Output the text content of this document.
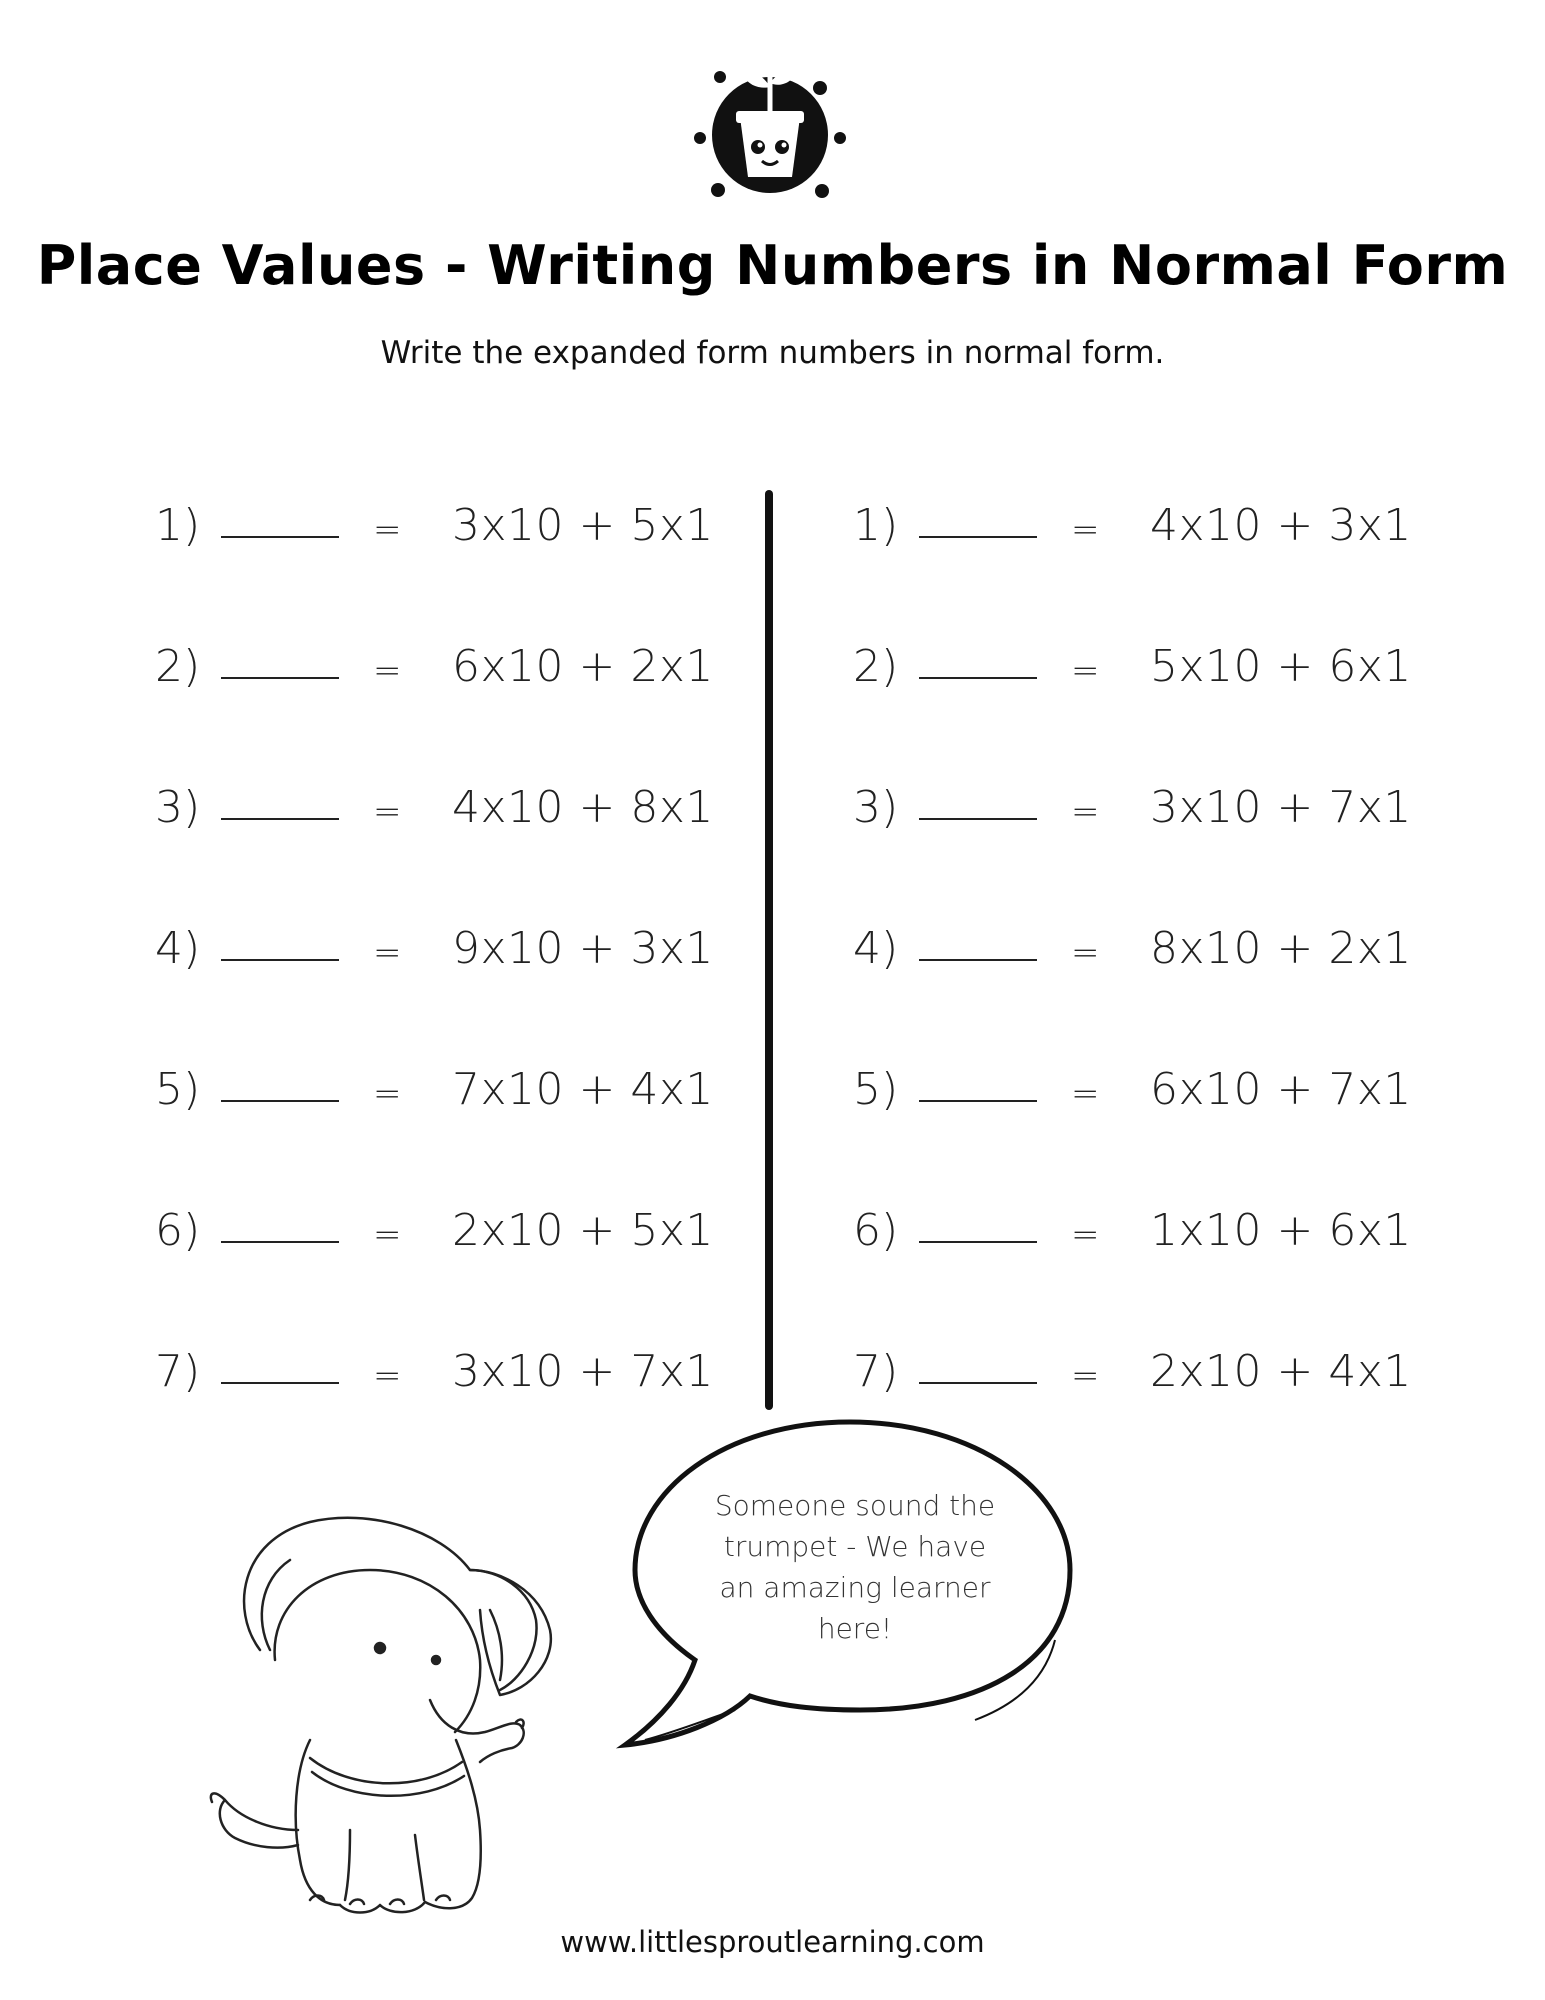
Place Values - Writing Numbers in Normal Form
Write the expanded form numbers in normal form.
1)	= 3x10 + 5x1
2)	= 6x10 + 2x1
3)	= 4x10 + 8x1
4)	= 9x10 + 3x1
5)	= 7x10 + 4x1
6)	= 2x10 + 5x1
7)	= 3x10 + 7x1
1)	= 4x10 + 3x1
2)	= 5x10 + 6x1
3)	= 3x10 + 7x1
4)	= 8x10 + 2x1
5)	= 6x10 + 7x1
6)	= 1x10 + 6x1
7)	= 2x10 + 4x1
Someone sound the
trumpet - We have
an amazing learner
here!
www.littlesproutlearning.com
